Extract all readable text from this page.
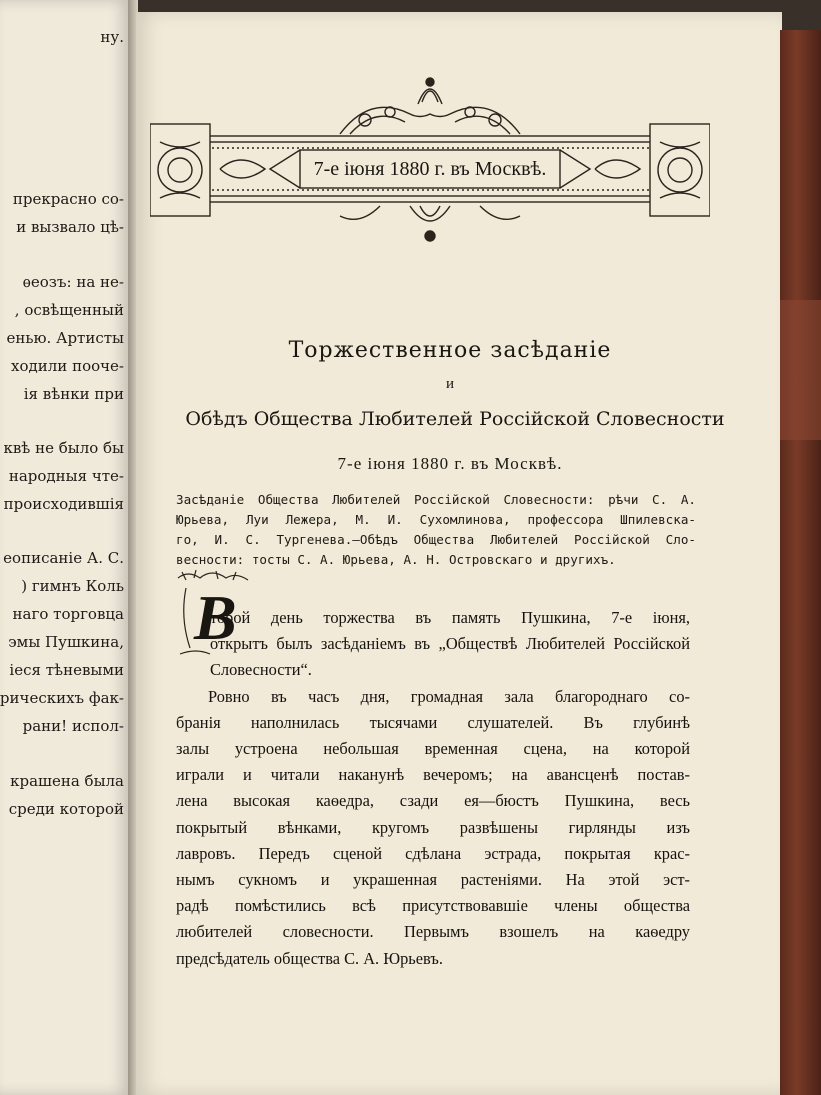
ну.
прекрасно со-
и вызвало цѣ-
ѳеозъ: на не-
, освѣщенный
енью. Артисты
ходили пооче-
ія вѣнки при
квѣ не было бы
народныя чте-
происходившія
еописаніе А. С.
) гимнъ Коль
наго торговца
эмы Пушкина,
іеся тѣневыми
рическихъ фак-
рани! испол-
крашена была
среди которой
7-е іюня 1880 г. въ Москвѣ.
Торжественное засѣданіе
и
Обѣдъ Общества Любителей Россійской Словесности
7-е іюня 1880 г. въ Москвѣ.
Засѣданіе Общества Любителей Россійской Словесности: рѣчи С. А.
Юрьева, Луи Лежера, М. И. Сухомлинова, профессора Шпилевска-
го, И. С. Тургенева.—Обѣдъ Общества Любителей Россійской Сло-
весности: тосты С. А. Юрьева, А. Н. Островскаго и другихъ.
В
торой день торжества въ память Пушкина, 7-е іюня,
открытъ былъ засѣданіемъ въ „Обществѣ Любителей Россійской Словесности“.
Ровно въ часъ дня, громадная зала благороднаго со-
бранія наполнилась тысячами слушателей. Въ глубинѣ
залы устроена небольшая временная сцена, на которой
играли и читали наканунѣ вечеромъ; на авансценѣ постав-
лена высокая каѳедра, сзади ея—бюстъ Пушкина, весь
покрытый вѣнками, кругомъ развѣшены гирлянды изъ
лавровъ. Передъ сценой сдѣлана эстрада, покрытая крас-
нымъ сукномъ и украшенная растеніями. На этой эст-
радѣ помѣстились всѣ присутствовавшіе члены общества
любителей словесности. Первымъ взошелъ на каѳедру
предсѣдатель общества С. А. Юрьевъ.
